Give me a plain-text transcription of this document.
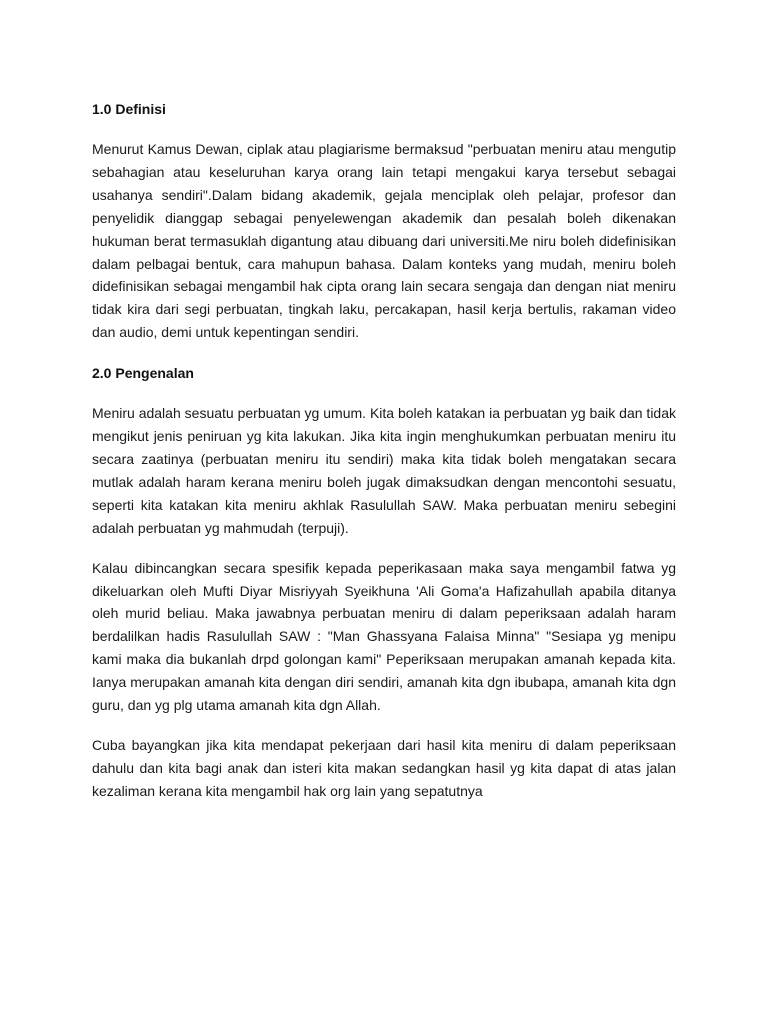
1.0 Definisi

Menurut Kamus Dewan, ciplak atau plagiarisme bermaksud "perbuatan meniru atau mengutip sebahagian atau keseluruhan karya orang lain tetapi mengakui karya tersebut sebagai usahanya sendiri".Dalam bidang akademik, gejala menciplak oleh pelajar, profesor dan penyelidik dianggap sebagai penyelewengan akademik dan pesalah boleh dikenakan hukuman berat termasuklah digantung atau dibuang dari universiti.Me niru boleh didefinisikan dalam pelbagai bentuk, cara mahupun bahasa. Dalam konteks yang mudah, meniru boleh didefinisikan sebagai mengambil hak cipta orang lain secara sengaja dan dengan niat meniru tidak kira dari segi perbuatan, tingkah laku, percakapan, hasil kerja bertulis, rakaman video dan audio, demi untuk kepentingan sendiri.

2.0 Pengenalan

Meniru adalah sesuatu perbuatan yg umum. Kita boleh katakan ia perbuatan yg baik dan tidak mengikut jenis peniruan yg kita lakukan. Jika kita ingin menghukumkan perbuatan meniru itu secara zaatinya (perbuatan meniru itu sendiri) maka kita tidak boleh mengatakan secara mutlak adalah haram kerana meniru boleh jugak dimaksudkan dengan mencontohi sesuatu, seperti kita katakan kita meniru akhlak Rasulullah SAW. Maka perbuatan meniru sebegini adalah perbuatan yg mahmudah (terpuji).

Kalau dibincangkan secara spesifik kepada peperikasaan maka saya mengambil fatwa yg dikeluarkan oleh Mufti Diyar Misriyyah Syeikhuna 'Ali Goma'a Hafizahullah apabila ditanya oleh murid beliau. Maka jawabnya perbuatan meniru di dalam peperiksaan adalah haram berdalilkan hadis Rasulullah SAW : "Man Ghassyana Falaisa Minna" "Sesiapa yg menipu kami maka dia bukanlah drpd golongan kami" Peperiksaan merupakan amanah kepada kita. Ianya merupakan amanah kita dengan diri sendiri, amanah kita dgn ibubapa, amanah kita dgn guru, dan yg plg utama amanah kita dgn Allah.

Cuba bayangkan jika kita mendapat pekerjaan dari hasil kita meniru di dalam peperiksaan dahulu dan kita bagi anak dan isteri kita makan sedangkan hasil yg kita dapat di atas jalan kezaliman kerana kita mengambil hak org lain yang sepatutnya
